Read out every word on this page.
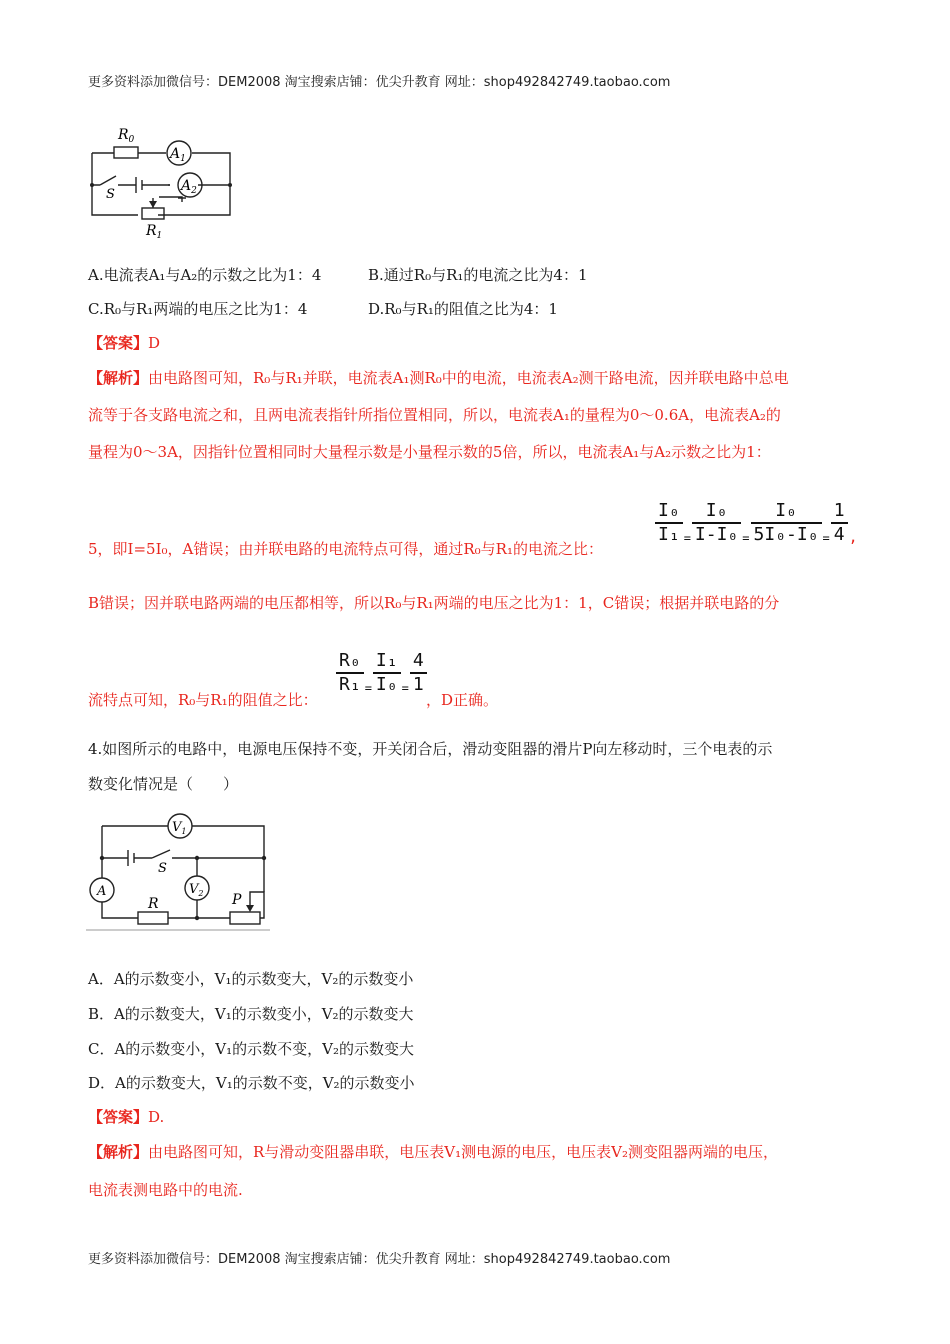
更多资料添加微信号：DEM2008 淘宝搜索店铺：优尖升教育 网址：shop492842749.taobao.com
$R_0$
$A_1$
$A_2$
S
$R_1$
A.电流表A₁与A₂的示数之比为1：4	B.通过R₀与R₁的电流之比为4：1
C.R₀与R₁两端的电压之比为1：4	D.R₀与R₁的阻值之比为4：1
【答案】D
【解析】由电路图可知，R₀与R₁并联，电流表A₁测R₀中的电流，电流表A₂测干路电流，因并联电路中总电
流等于各支路电流之和，且两电流表指针所指位置相同，所以，电流表A₁的量程为0～0.6A，电流表A₂的
量程为0～3A，因指针位置相同时大量程示数是小量程示数的5倍，所以，电流表A₁与A₂示数之比为1：
5，即I=5I₀，A错误；由并联电路的电流特点可得，通过R₀与R₁的电流之比：
$\frac{\text{I₀}}{\text{I₁}} _= \frac{\text{I₀}}{\text{I-I₀}} _= \frac{\text{I₀}}{\text{5I₀-I₀}} _= \frac{1}{4}$ ,
B错误；因并联电路两端的电压都相等，所以R₀与R₁两端的电压之比为1：1，C错误；根据并联电路的分
流特点可知，R₀与R₁的阻值之比：
$\frac{\text{R₀}}{\text{R₁}} _= \frac{\text{I₁}}{\text{I₀}} _= \frac{4}{1}$
，D正确。
4.如图所示的电路中，电源电压保持不变，开关闭合后，滑动变阻器的滑片P向左移动时，三个电表的示
数变化情况是（　　）
$V_1$
S
A	$V_2$
R	P
A．A的示数变小，V₁的示数变大，V₂的示数变小
B．A的示数变大，V₁的示数变小，V₂的示数变大
C．A的示数变小，V₁的示数不变，V₂的示数变大
D．A的示数变大，V₁的示数不变，V₂的示数变小
【答案】D.
【解析】由电路图可知，R与滑动变阻器串联，电压表V₁测电源的电压，电压表V₂测变阻器两端的电压，
电流表测电路中的电流.
更多资料添加微信号：DEM2008 淘宝搜索店铺：优尖升教育 网址：shop492842749.taobao.com
